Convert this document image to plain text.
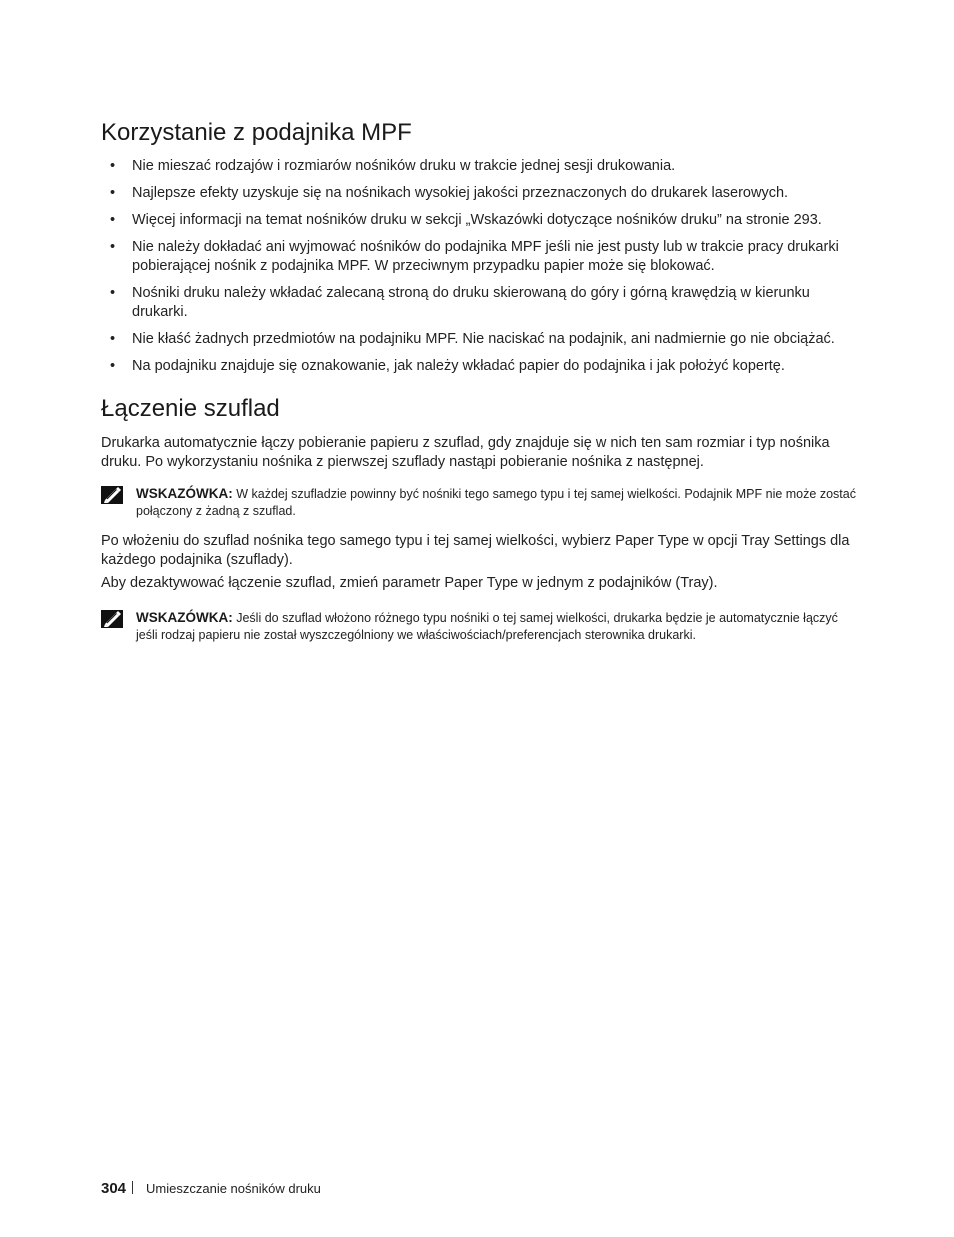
Korzystanie z podajnika MPF
• Nie mieszać rodzajów i rozmiarów nośników druku w trakcie jednej sesji drukowania.
• Najlepsze efekty uzyskuje się na nośnikach wysokiej jakości przeznaczonych do drukarek laserowych.
• Więcej informacji na temat nośników druku w sekcji „Wskazówki dotyczące nośników druku” na stronie 293.
• Nie należy dokładać ani wyjmować nośników do podajnika MPF jeśli nie jest pusty lub w trakcie pracy drukarki pobierającej nośnik z podajnika MPF. W przeciwnym przypadku papier może się blokować.
• Nośniki druku należy wkładać zalecaną stroną do druku skierowaną do góry i górną krawędzią w kierunku drukarki.
• Nie kłaść żadnych przedmiotów na podajniku MPF. Nie naciskać na podajnik, ani nadmiernie go nie obciążać.
• Na podajniku znajduje się oznakowanie, jak należy wkładać papier do podajnika i jak położyć kopertę.
Łączenie szuflad

Drukarka automatycznie łączy pobieranie papieru z szuflad, gdy znajduje się w nich ten sam rozmiar i typ nośnika druku. Po wykorzystaniu nośnika z pierwszej szuflady nastąpi pobieranie nośnika z następnej.

WSKAZÓWKA: W każdej szufladzie powinny być nośniki tego samego typu i tej samej wielkości. Podajnik MPF nie może zostać połączony z żadną z szuflad.

Po włożeniu do szuflad nośnika tego samego typu i tej samej wielkości, wybierz Paper Type w opcji Tray Settings dla każdego podajnika (szuflady).

Aby dezaktywować łączenie szuflad, zmień parametr Paper Type w jednym z podajników (Tray).

WSKAZÓWKA: Jeśli do szuflad włożono różnego typu nośniki o tej samej wielkości, drukarka będzie je automatycznie łączyć jeśli rodzaj papieru nie został wyszczególniony we właściwościach/preferencjach sterownika drukarki.
304 Umieszczanie nośników druku
